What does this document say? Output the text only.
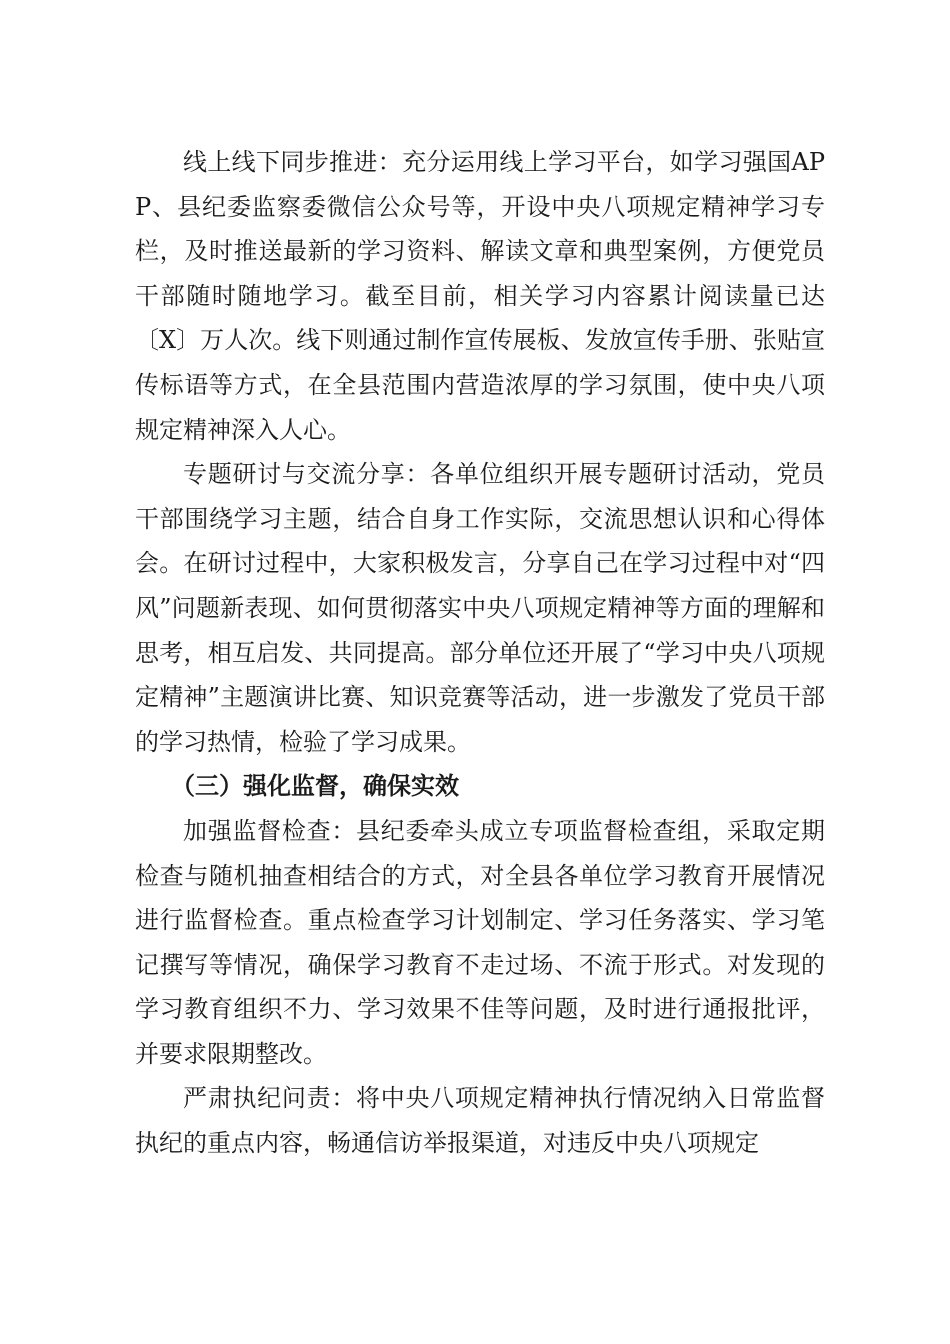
线上线下同步推进：充分运用线上学习平台，如学习强国APP、县纪委监察委微信公众号等，开设中央八项规定精神学习专栏，及时推送最新的学习资料、解读文章和典型案例，方便党员干部随时随地学习。截至目前，相关学习内容累计阅读量已达〔X〕万人次。线下则通过制作宣传展板、发放宣传手册、张贴宣传标语等方式，在全县范围内营造浓厚的学习氛围，使中央八项规定精神深入人心。

专题研讨与交流分享：各单位组织开展专题研讨活动，党员干部围绕学习主题，结合自身工作实际，交流思想认识和心得体会。在研讨过程中，大家积极发言，分享自己在学习过程中对“四风”问题新表现、如何贯彻落实中央八项规定精神等方面的理解和思考，相互启发、共同提高。部分单位还开展了“学习中央八项规定精神”主题演讲比赛、知识竞赛等活动，进一步激发了党员干部的学习热情，检验了学习成果。

（三）强化监督，确保实效

加强监督检查：县纪委牵头成立专项监督检查组，采取定期检查与随机抽查相结合的方式，对全县各单位学习教育开展情况进行监督检查。重点检查学习计划制定、学习任务落实、学习笔记撰写等情况，确保学习教育不走过场、不流于形式。对发现的学习教育组织不力、学习效果不佳等问题，及时进行通报批评，并要求限期整改。

严肃执纪问责：将中央八项规定精神执行情况纳入日常监督执纪的重点内容，畅通信访举报渠道，对违反中央八项规定
